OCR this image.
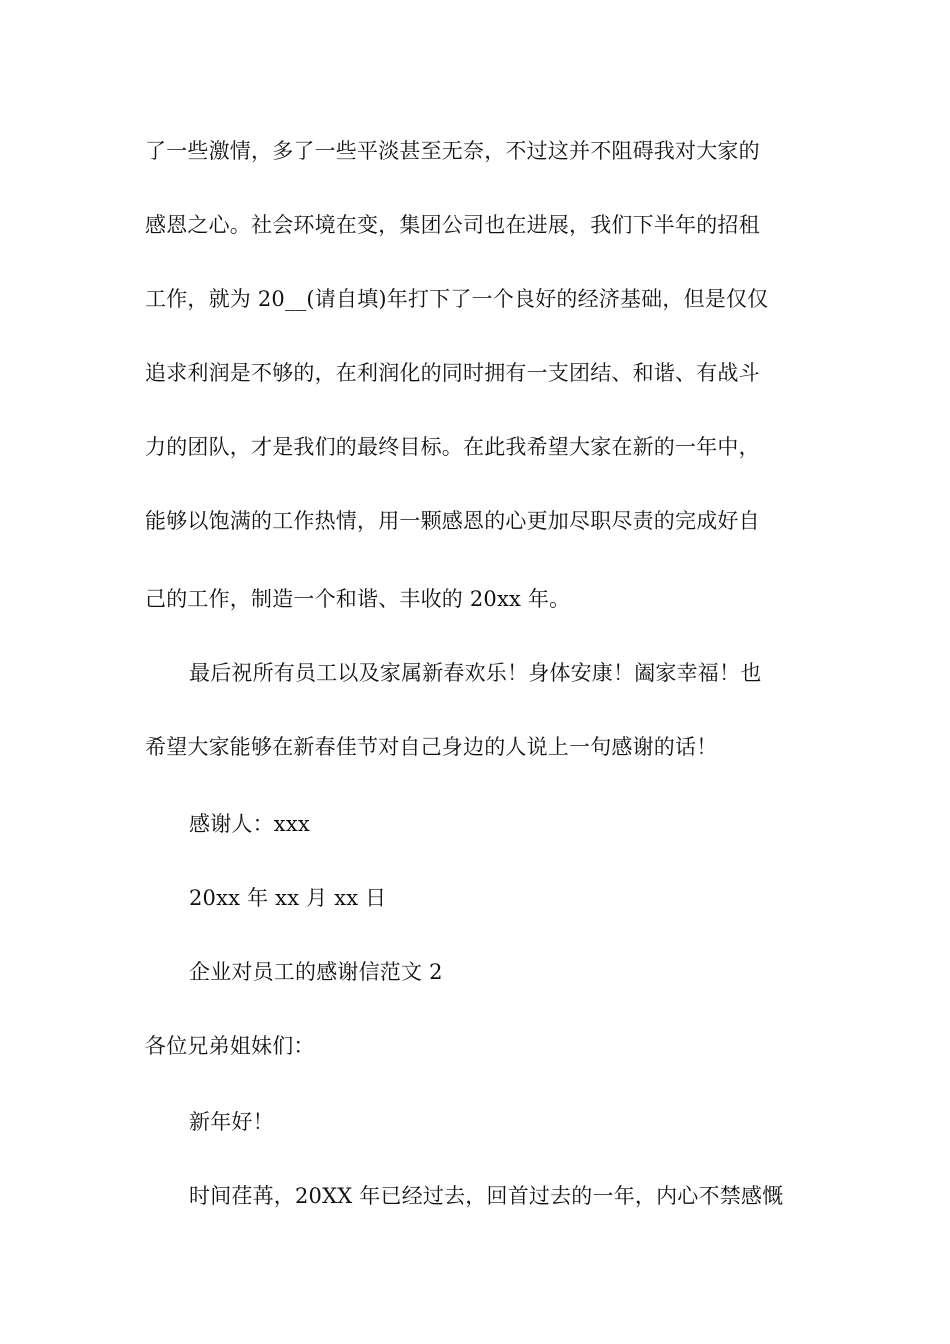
了一些激情，多了一些平淡甚至无奈，不过这并不阻碍我对大家的
感恩之心。社会环境在变，集团公司也在进展，我们下半年的招租
工作，就为 20__(请自填)年打下了一个良好的经济基础，但是仅仅
追求利润是不够的，在利润化的同时拥有一支团结、和谐、有战斗
力的团队，才是我们的最终目标。在此我希望大家在新的一年中，
能够以饱满的工作热情，用一颗感恩的心更加尽职尽责的完成好自
己的工作，制造一个和谐、丰收的 20xx 年。
最后祝所有员工以及家属新春欢乐！身体安康！阖家幸福！也
希望大家能够在新春佳节对自己身边的人说上一句感谢的话！
感谢人：xxx
20xx 年 xx 月 xx 日
企业对员工的感谢信范文 2
各位兄弟姐妹们：
新年好！
时间荏苒，20XX 年已经过去，回首过去的一年，内心不禁感慨
